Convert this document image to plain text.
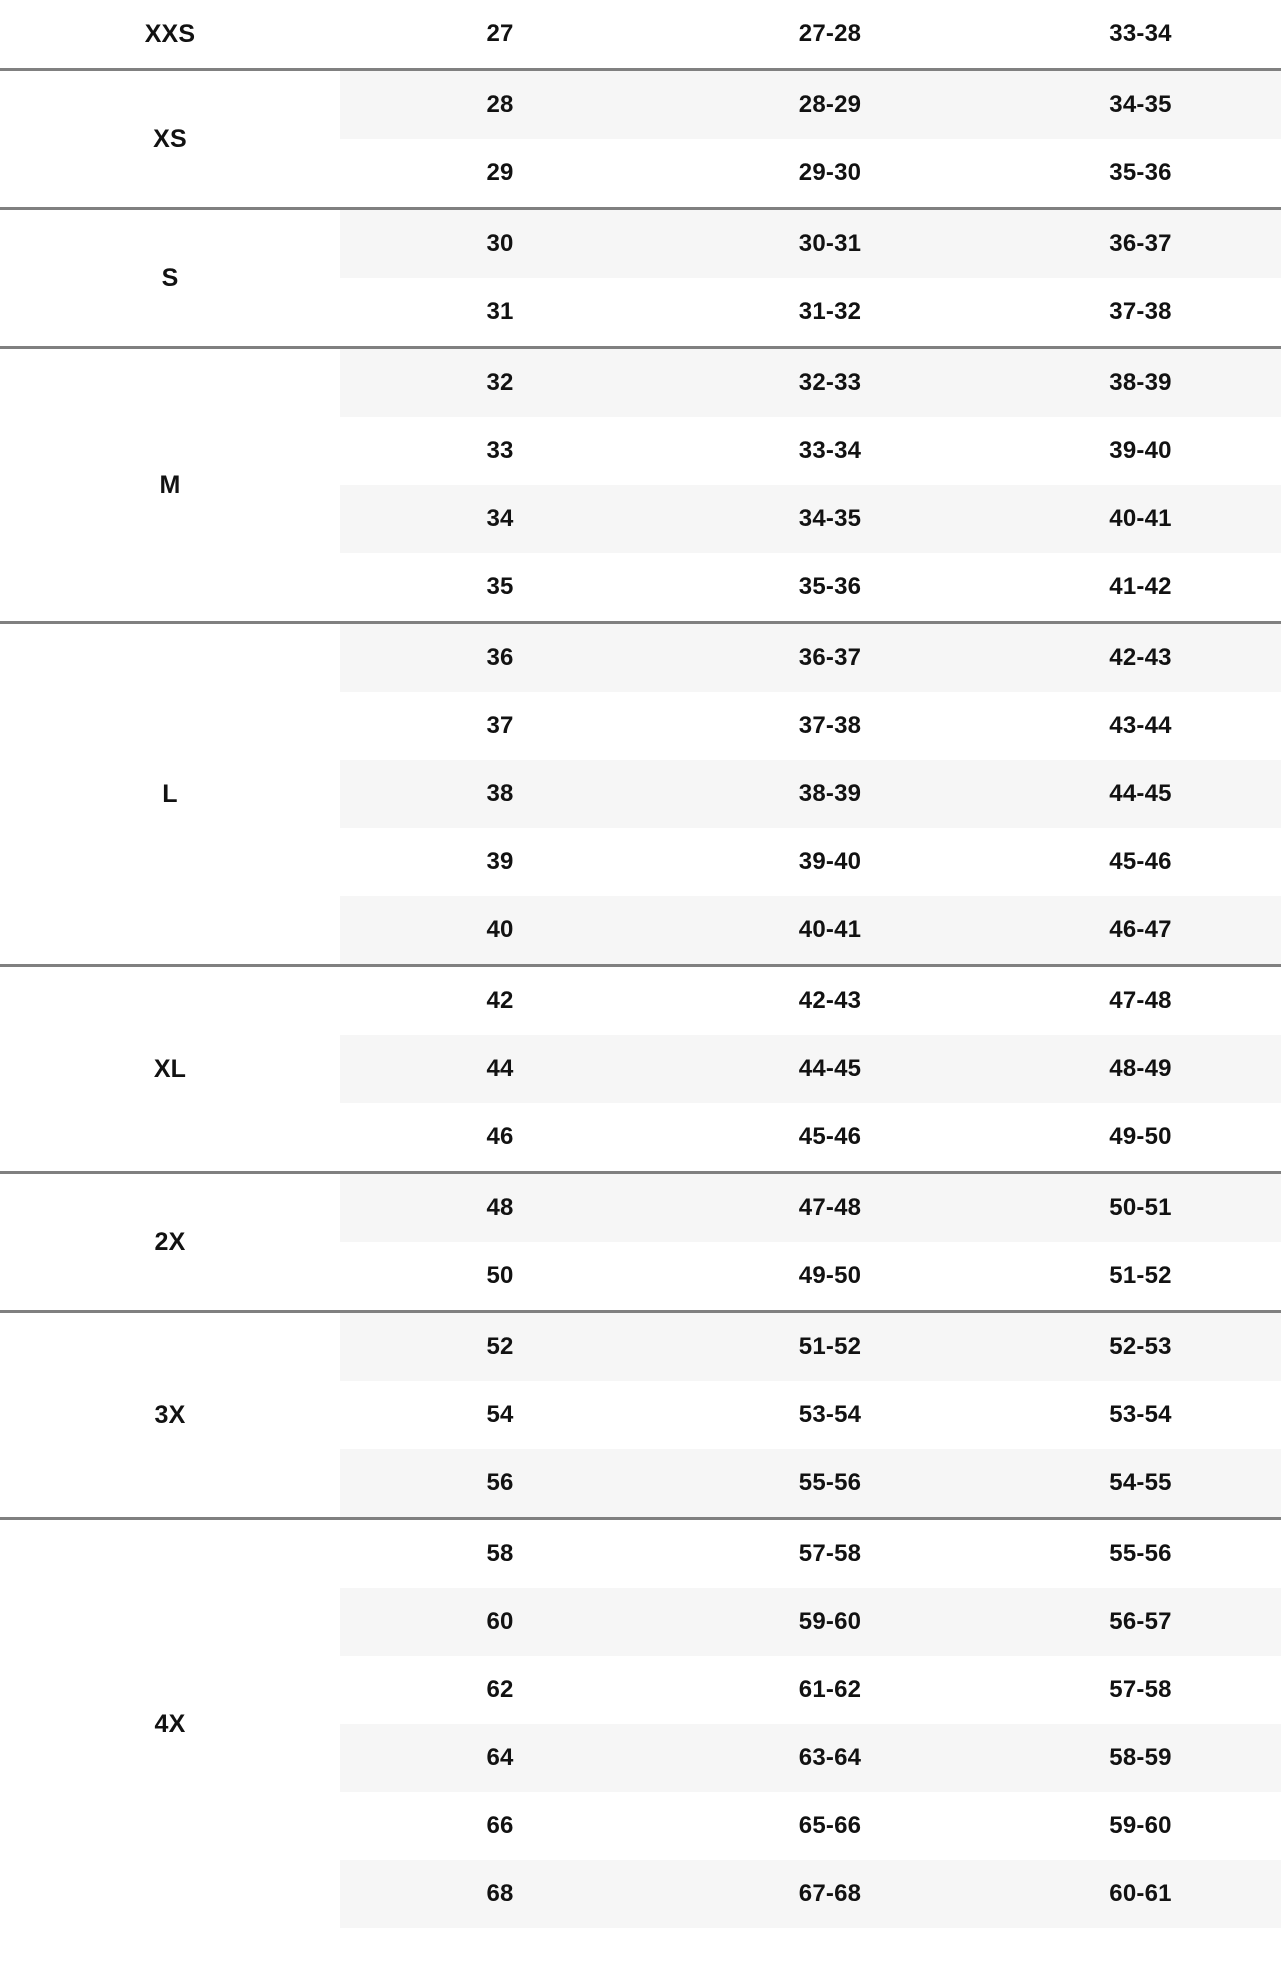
XXS	27	27-28	33-34
XS	28	28-29	34-35
	29	29-30	35-36
S	30	30-31	36-37
	31	31-32	37-38
M	32	32-33	38-39
	33	33-34	39-40
	34	34-35	40-41
	35	35-36	41-42
L	36	36-37	42-43
	37	37-38	43-44
	38	38-39	44-45
	39	39-40	45-46
	40	40-41	46-47
XL	42	42-43	47-48
	44	44-45	48-49
	46	45-46	49-50
2X	48	47-48	50-51
	50	49-50	51-52
3X	52	51-52	52-53
	54	53-54	53-54
	56	55-56	54-55
4X	58	57-58	55-56
	60	59-60	56-57
	62	61-62	57-58
	64	63-64	58-59
	66	65-66	59-60
	68	67-68	60-61
